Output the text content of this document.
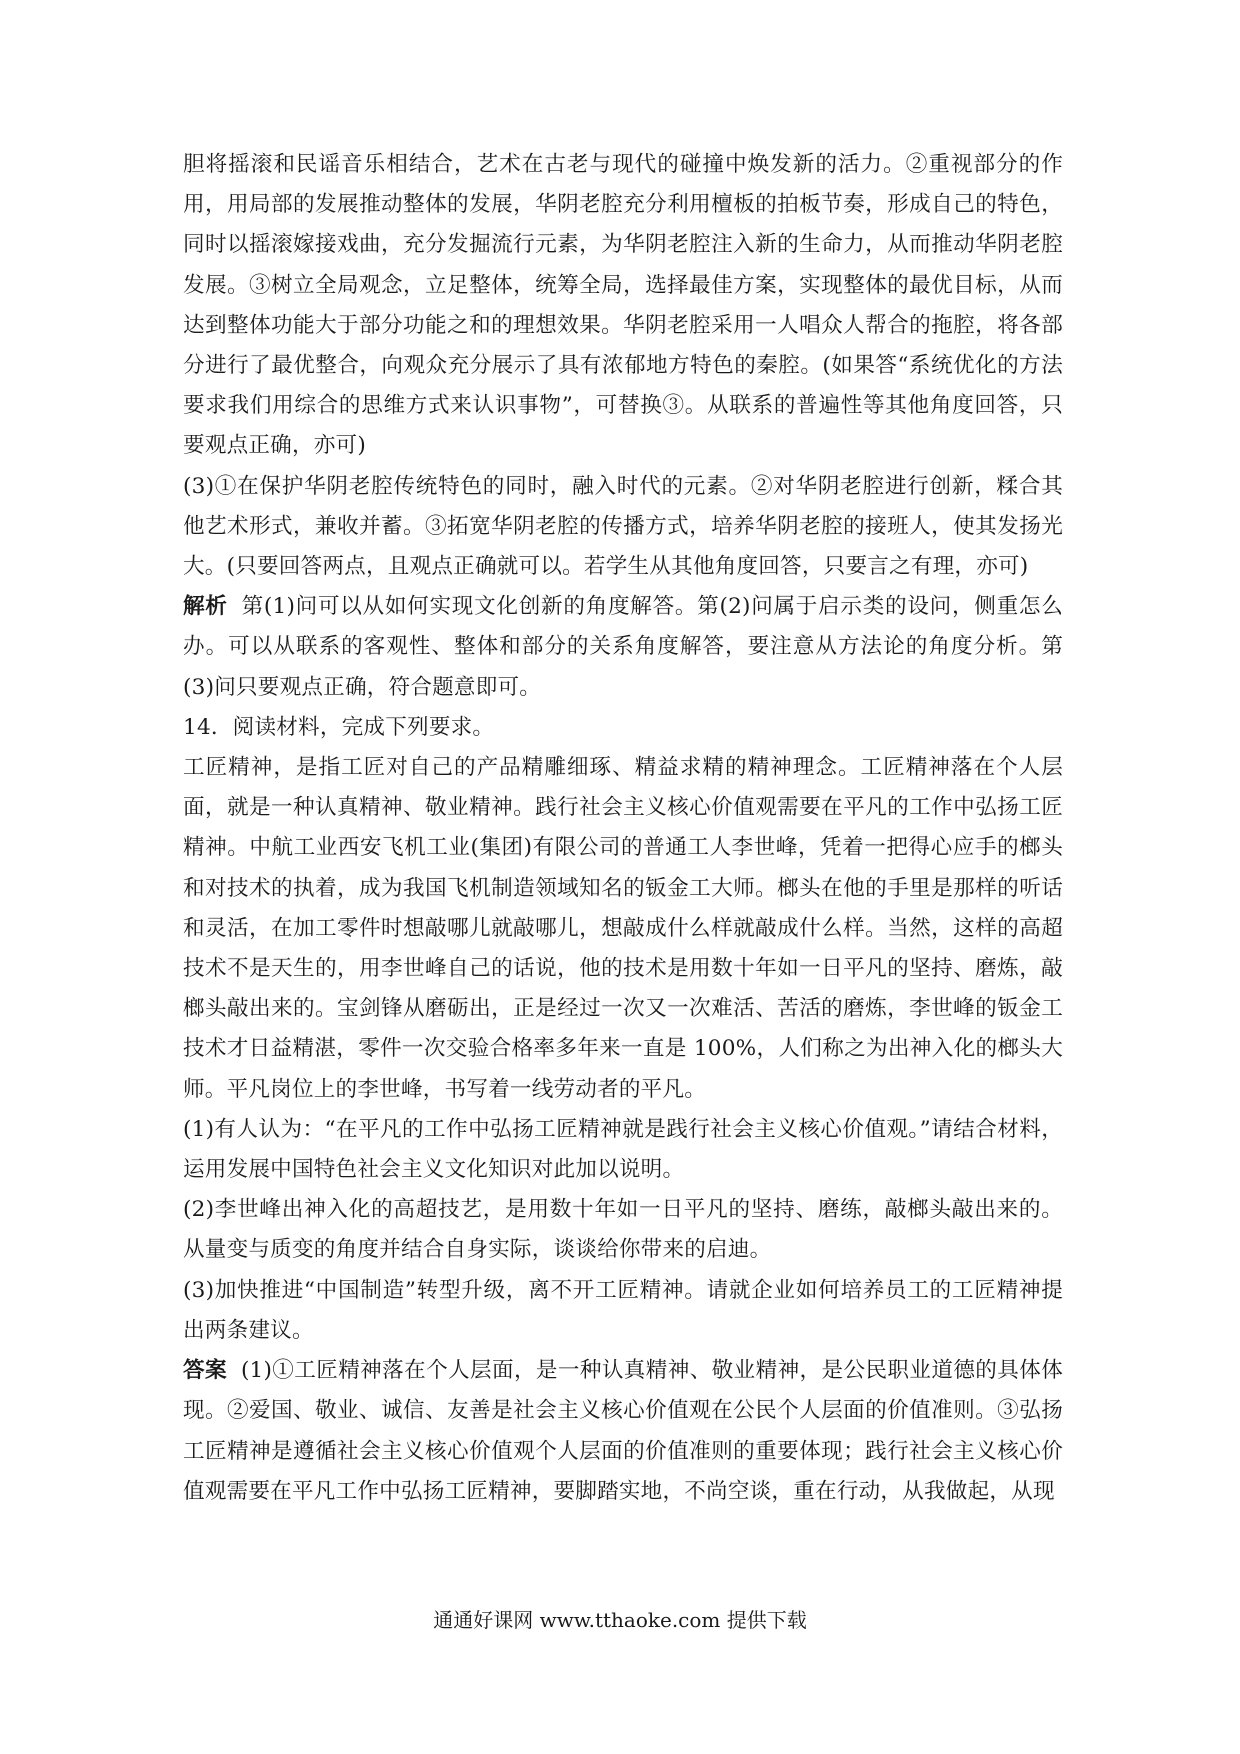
胆将摇滚和民谣音乐相结合，艺术在古老与现代的碰撞中焕发新的活力。②重视部分的作用，用局部的发展推动整体的发展，华阴老腔充分利用檀板的拍板节奏，形成自己的特色，同时以摇滚嫁接戏曲，充分发掘流行元素，为华阴老腔注入新的生命力，从而推动华阴老腔发展。③树立全局观念，立足整体，统筹全局，选择最佳方案，实现整体的最优目标，从而达到整体功能大于部分功能之和的理想效果。华阴老腔采用一人唱众人帮合的拖腔，将各部分进行了最优整合，向观众充分展示了具有浓郁地方特色的秦腔。(如果答“系统优化的方法要求我们用综合的思维方式来认识事物”，可替换③。从联系的普遍性等其他角度回答，只要观点正确，亦可)

(3)①在保护华阴老腔传统特色的同时，融入时代的元素。②对华阴老腔进行创新，糅合其他艺术形式，兼收并蓄。③拓宽华阴老腔的传播方式，培养华阴老腔的接班人，使其发扬光大。(只要回答两点，且观点正确就可以。若学生从其他角度回答，只要言之有理，亦可)

解析 第(1)问可以从如何实现文化创新的角度解答。第(2)问属于启示类的设问，侧重怎么办。可以从联系的客观性、整体和部分的关系角度解答，要注意从方法论的角度分析。第(3)问只要观点正确，符合题意即可。

14．阅读材料，完成下列要求。

工匠精神，是指工匠对自己的产品精雕细琢、精益求精的精神理念。工匠精神落在个人层面，就是一种认真精神、敬业精神。践行社会主义核心价值观需要在平凡的工作中弘扬工匠精神。中航工业西安飞机工业(集团)有限公司的普通工人李世峰，凭着一把得心应手的榔头和对技术的执着，成为我国飞机制造领域知名的钣金工大师。榔头在他的手里是那样的听话和灵活，在加工零件时想敲哪儿就敲哪儿，想敲成什么样就敲成什么样。当然，这样的高超技术不是天生的，用李世峰自己的话说，他的技术是用数十年如一日平凡的坚持、磨炼，敲榔头敲出来的。宝剑锋从磨砺出，正是经过一次又一次难活、苦活的磨炼，李世峰的钣金工技术才日益精湛，零件一次交验合格率多年来一直是 100%，人们称之为出神入化的榔头大师。平凡岗位上的李世峰，书写着一线劳动者的平凡。

(1)有人认为：“在平凡的工作中弘扬工匠精神就是践行社会主义核心价值观。”请结合材料，运用发展中国特色社会主义文化知识对此加以说明。

(2)李世峰出神入化的高超技艺，是用数十年如一日平凡的坚持、磨练，敲榔头敲出来的。从量变与质变的角度并结合自身实际，谈谈给你带来的启迪。

(3)加快推进“中国制造”转型升级，离不开工匠精神。请就企业如何培养员工的工匠精神提出两条建议。

答案 (1)①工匠精神落在个人层面，是一种认真精神、敬业精神，是公民职业道德的具体体现。②爱国、敬业、诚信、友善是社会主义核心价值观在公民个人层面的价值准则。③弘扬工匠精神是遵循社会主义核心价值观个人层面的价值准则的重要体现；践行社会主义核心价值观需要在平凡工作中弘扬工匠精神，要脚踏实地，不尚空谈，重在行动，从我做起，从现

通通好课网 www.tthaoke.com 提供下载
